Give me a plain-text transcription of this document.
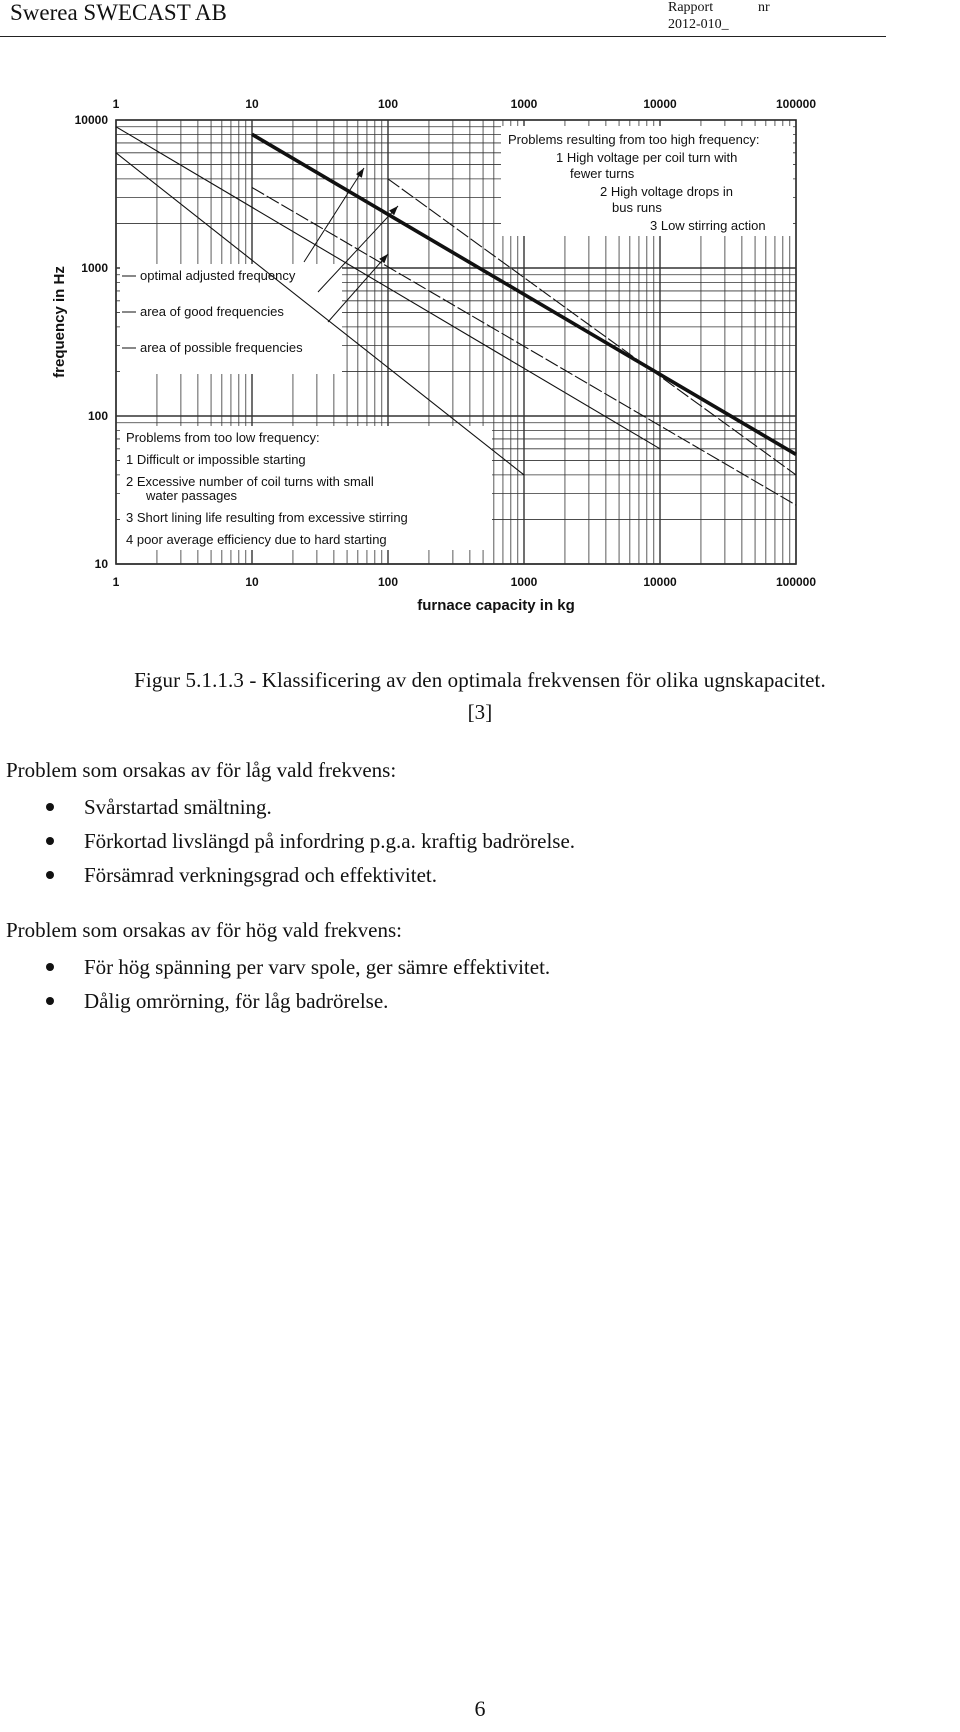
Swerea SWECAST AB	Rapport	nr
2012-010_
1	10	100	1000	10000	100000
1	10	100	1000	10000	100000
10000
1000
100
10
furnace capacity in kg
frequency in Hz	optimal adjusted frequency
area of good frequencies
area of possible frequencies
Problems resulting from too high frequency:
1 High voltage per coil turn with
fewer turns
2 High voltage drops in
bus runs
3 Low stirring action
Problems from too low frequency:
1 Difficult or impossible starting
2 Excessive number of coil turns with small
water passages
3 Short lining life resulting from excessive stirring
4 poor average efficiency due to hard starting
Figur 5.1.1.3 - Klassificering av den optimala frekvensen för olika ugnskapacitet.
[3]
Problem som orsakas av för låg vald frekvens:
Svårstartad smältning.
Förkortad livslängd på infordring p.g.a. kraftig badrörelse.
Försämrad verkningsgrad och effektivitet.
Problem som orsakas av för hög vald frekvens:
För hög spänning per varv spole, ger sämre effektivitet.
Dålig omrörning, för låg badrörelse.
6
